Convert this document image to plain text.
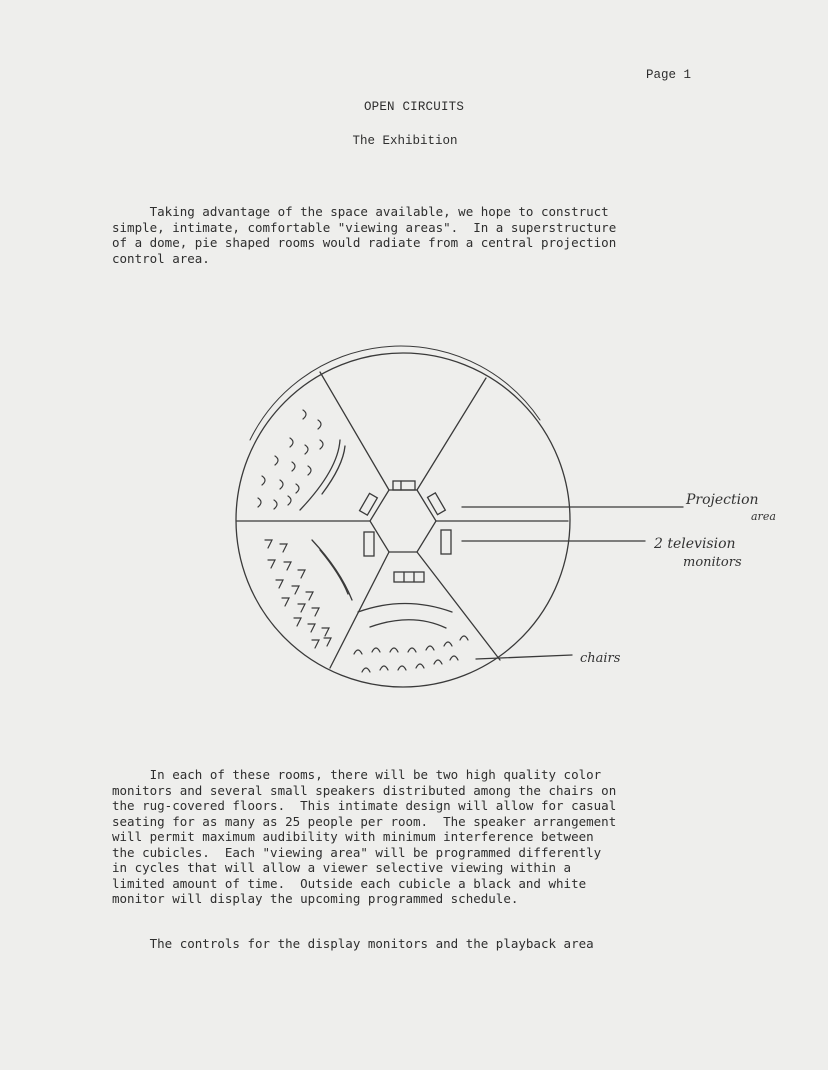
Page 1
OPEN CIRCUITS
The Exhibition
Taking advantage of the space available, we hope to construct
simple, intimate, comfortable "viewing areas".  In a superstructure
of a dome, pie shaped rooms would radiate from a central projection
control area.
Projection
area
2 television
monitors
chairs
In each of these rooms, there will be two high quality color
monitors and several small speakers distributed among the chairs on
the rug-covered floors.  This intimate design will allow for casual
seating for as many as 25 people per room.  The speaker arrangement
will permit maximum audibility with minimum interference between
the cubicles.  Each "viewing area" will be programmed differently
in cycles that will allow a viewer selective viewing within a
limited amount of time.  Outside each cubicle a black and white
monitor will display the upcoming programmed schedule.
The controls for the display monitors and the playback area
